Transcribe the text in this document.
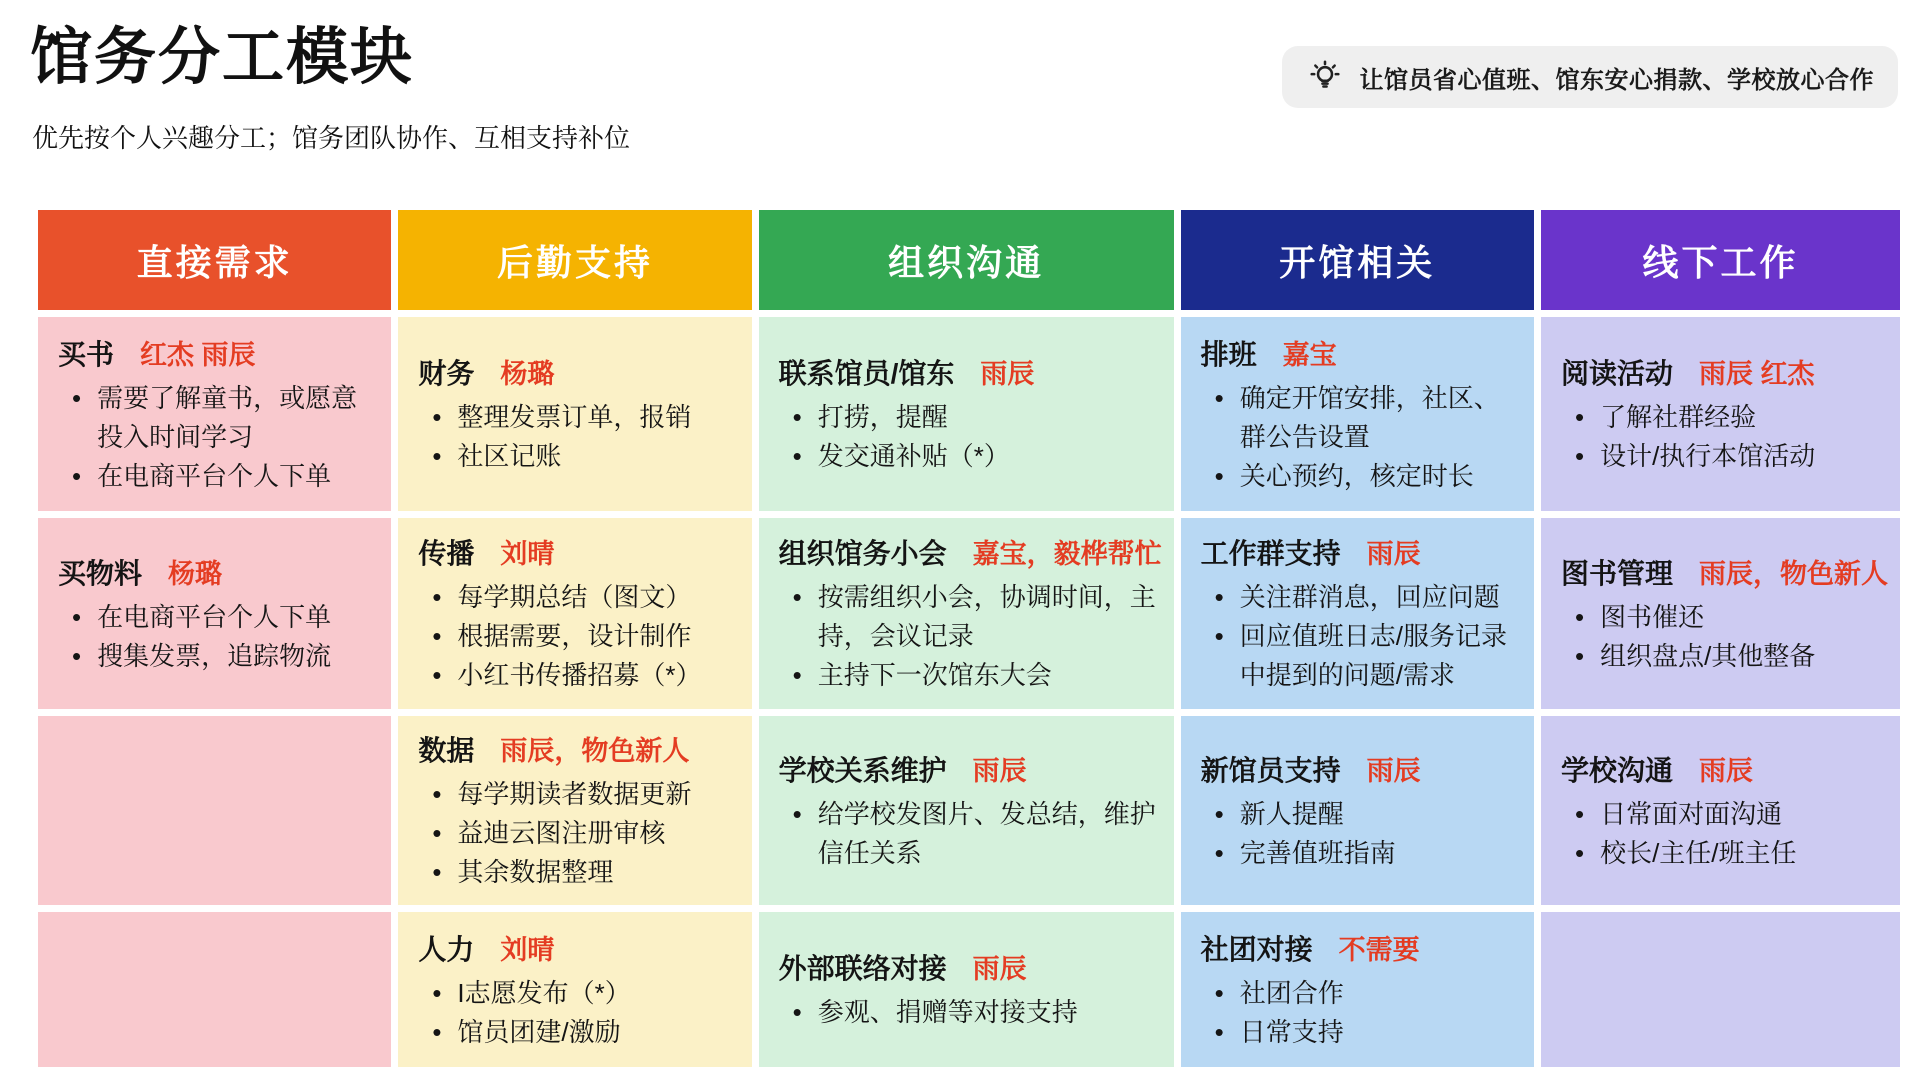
馆务分工模块	让馆员省心值班、馆东安心捐款、学校放心合作

优先按个人兴趣分工；馆务团队协作、互相支持补位

直接需求
买书 红杰 雨辰
• 需要了解童书，或愿意投入时间学习
• 在电商平台个人下单
买物料 杨璐
• 在电商平台个人下单
• 搜集发票，追踪物流
后勤支持
财务 杨璐
• 整理发票订单，报销
• 社区记账
传播 刘晴
• 每学期总结（图文）
• 根据需要，设计制作
• 小红书传播招募（*）
数据 雨辰，物色新人
• 每学期读者数据更新
• 益迪云图注册审核
• 其余数据整理
人力 刘晴
• I志愿发布（*）
• 馆员团建/激励
组织沟通
联系馆员/馆东 雨辰
• 打捞，提醒
• 发交通补贴（*）
组织馆务小会 嘉宝，毅桦帮忙
• 按需组织小会，协调时间，主持，会议记录
• 主持下一次馆东大会
学校关系维护 雨辰
• 给学校发图片、发总结，维护信任关系
外部联络对接 雨辰
• 参观、捐赠等对接支持
开馆相关
排班 嘉宝
• 确定开馆安排，社区、群公告设置
• 关心预约，核定时长
工作群支持 雨辰
• 关注群消息，回应问题
• 回应值班日志/服务记录中提到的问题/需求
新馆员支持 雨辰
• 新人提醒
• 完善值班指南
社团对接 不需要
• 社团合作
• 日常支持
线下工作
阅读活动 雨辰 红杰
• 了解社群经验
• 设计/执行本馆活动
图书管理 雨辰，物色新人
• 图书催还
• 组织盘点/其他整备
学校沟通 雨辰
• 日常面对面沟通
• 校长/主任/班主任
